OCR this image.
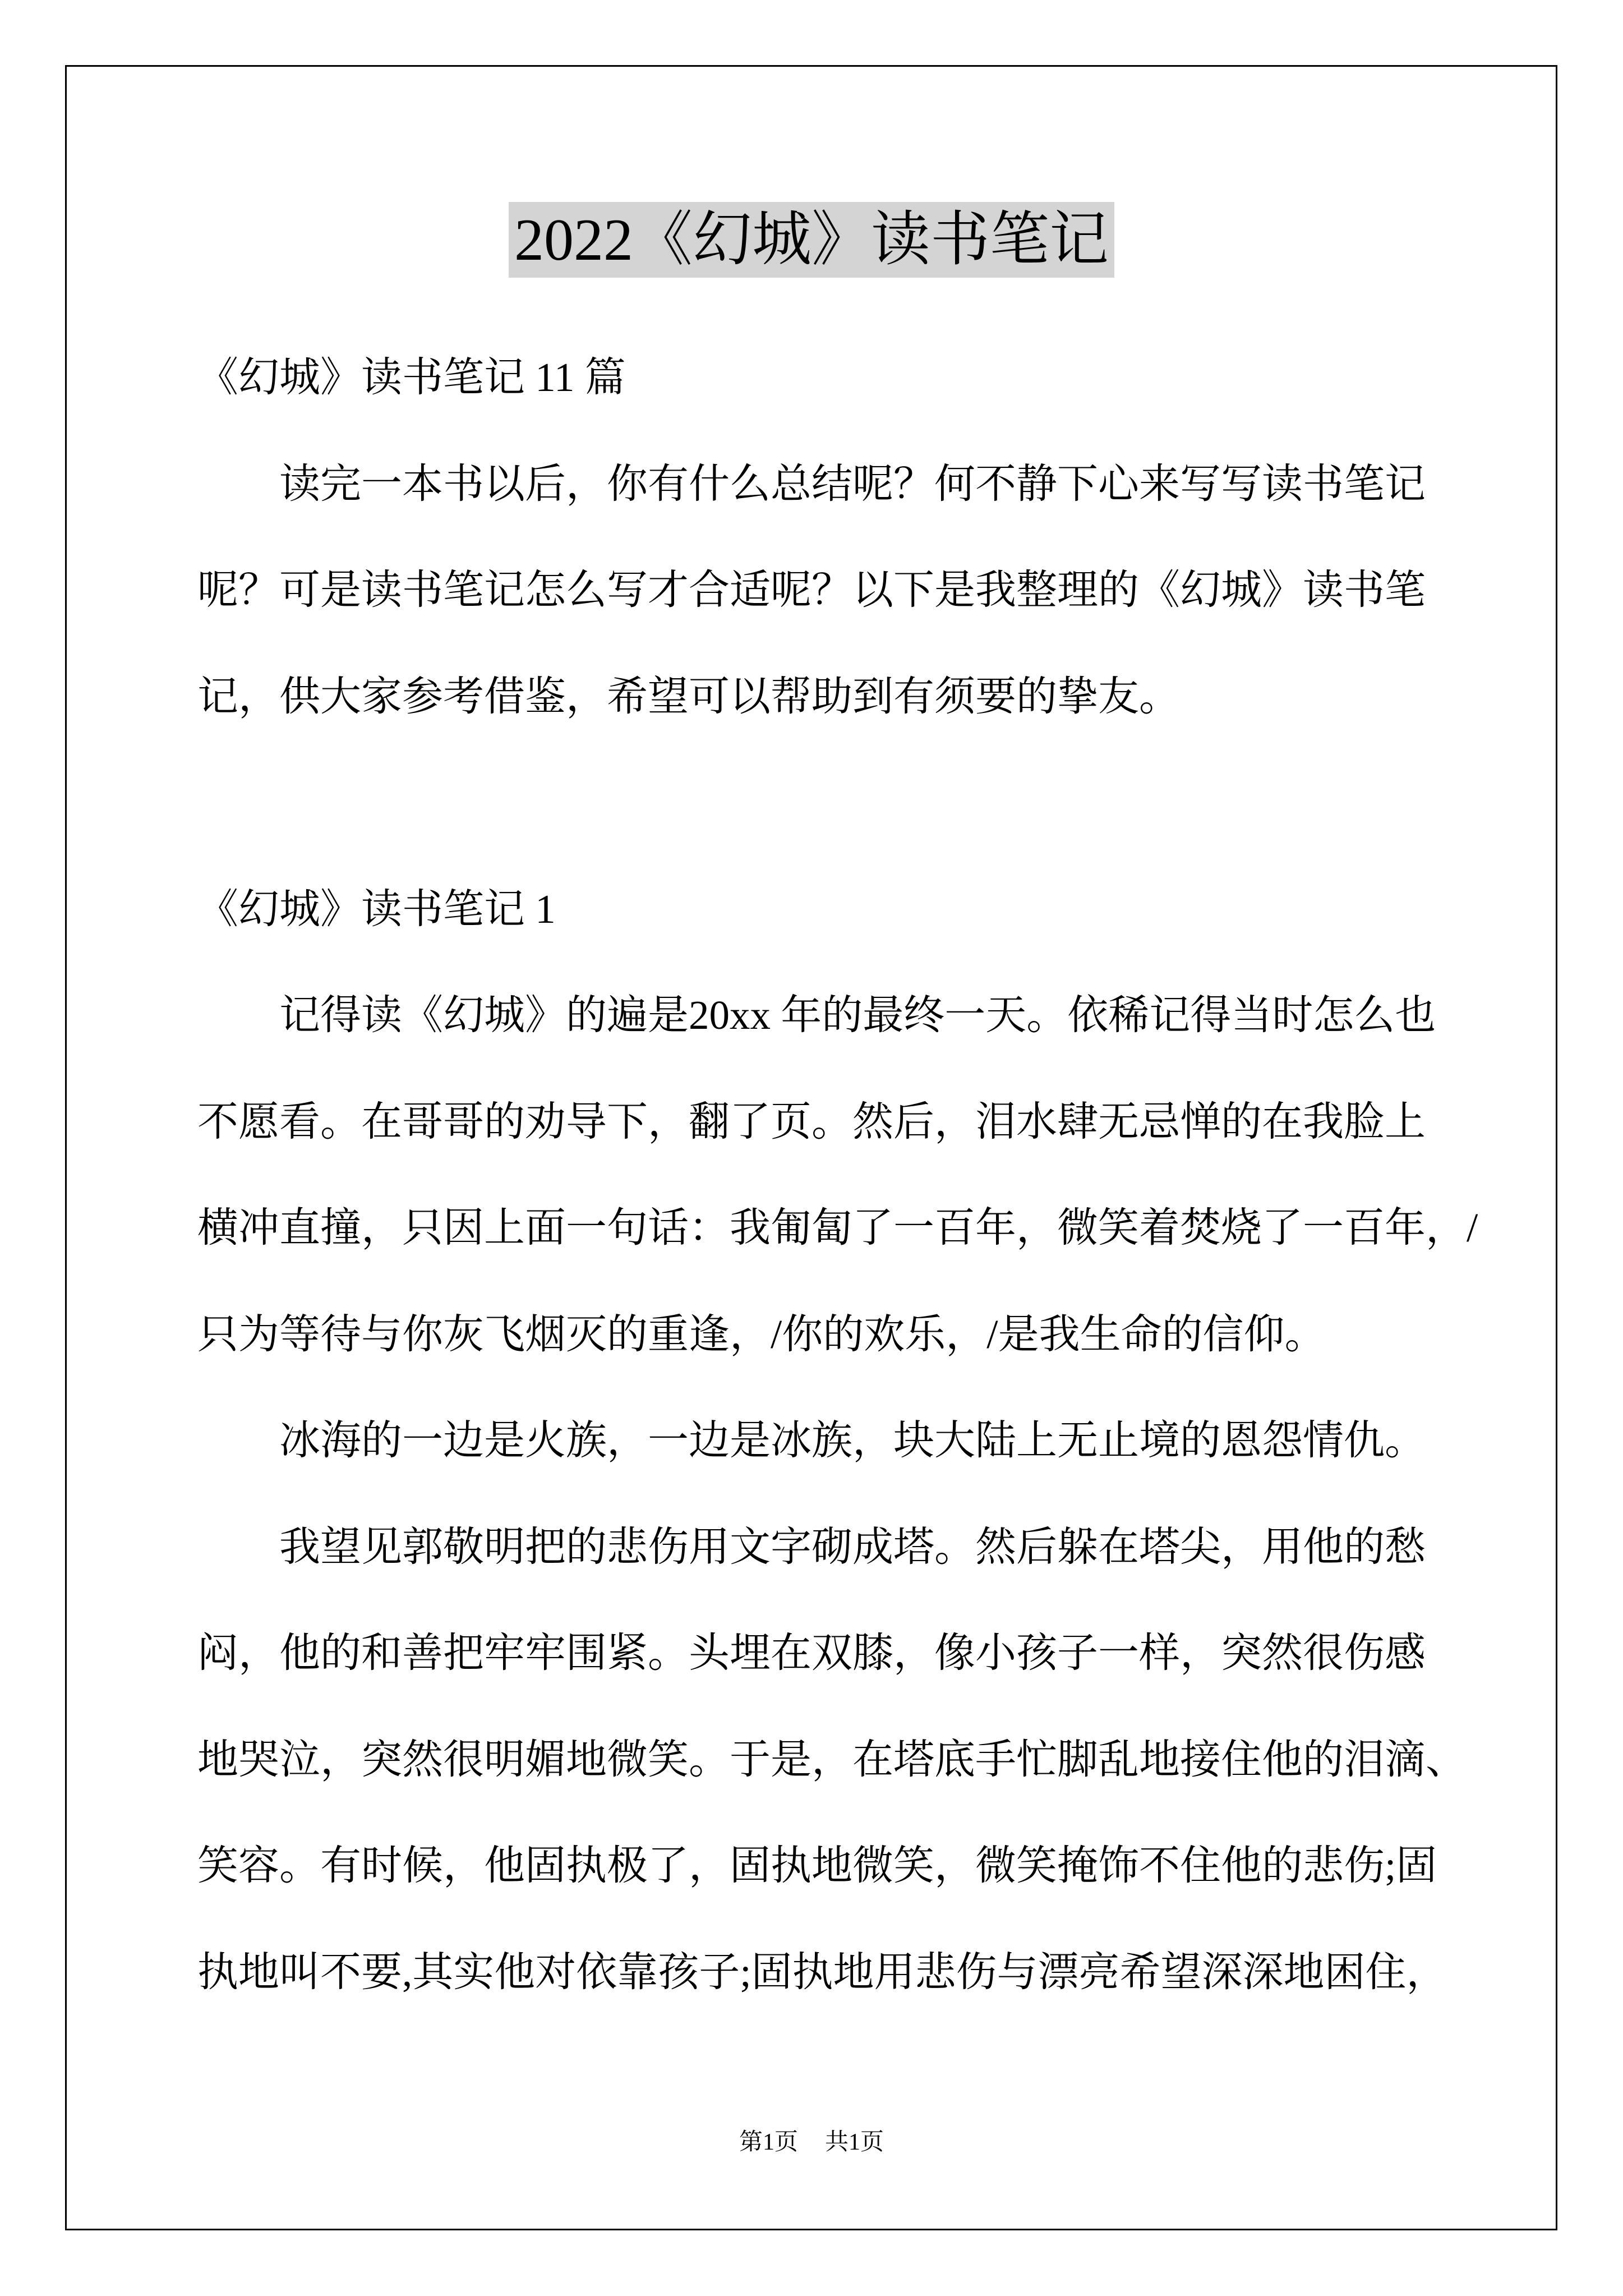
2022《幻城》读书笔记
《幻城》读书笔记 11 篇
读完一本书以后，你有什么总结呢？何不静下心来写写读书笔记
呢？可是读书笔记怎么写才合适呢？以下是我整理的《幻城》读书笔
记，供大家参考借鉴，希望可以帮助到有须要的挚友。
《幻城》读书笔记 1
记得读《幻城》的遍是20xx 年的最终一天。依稀记得当时怎么也
不愿看。在哥哥的劝导下，翻了页。然后，泪水肆无忌惮的在我脸上
横冲直撞，只因上面一句话：我匍匐了一百年，微笑着焚烧了一百年，/
只为等待与你灰飞烟灭的重逢，/你的欢乐，/是我生命的信仰。
冰海的一边是火族，一边是冰族，块大陆上无止境的恩怨情仇。
我望见郭敬明把的悲伤用文字砌成塔。然后躲在塔尖，用他的愁
闷，他的和善把牢牢围紧。头埋在双膝，像小孩子一样，突然很伤感
地哭泣，突然很明媚地微笑。于是，在塔底手忙脚乱地接住他的泪滴、
笑容。有时候，他固执极了，固执地微笑，微笑掩饰不住他的悲伤;固
执地叫不要,其实他对依靠孩子;固执地用悲伤与漂亮希望深深地困住，
第1页 共1页
